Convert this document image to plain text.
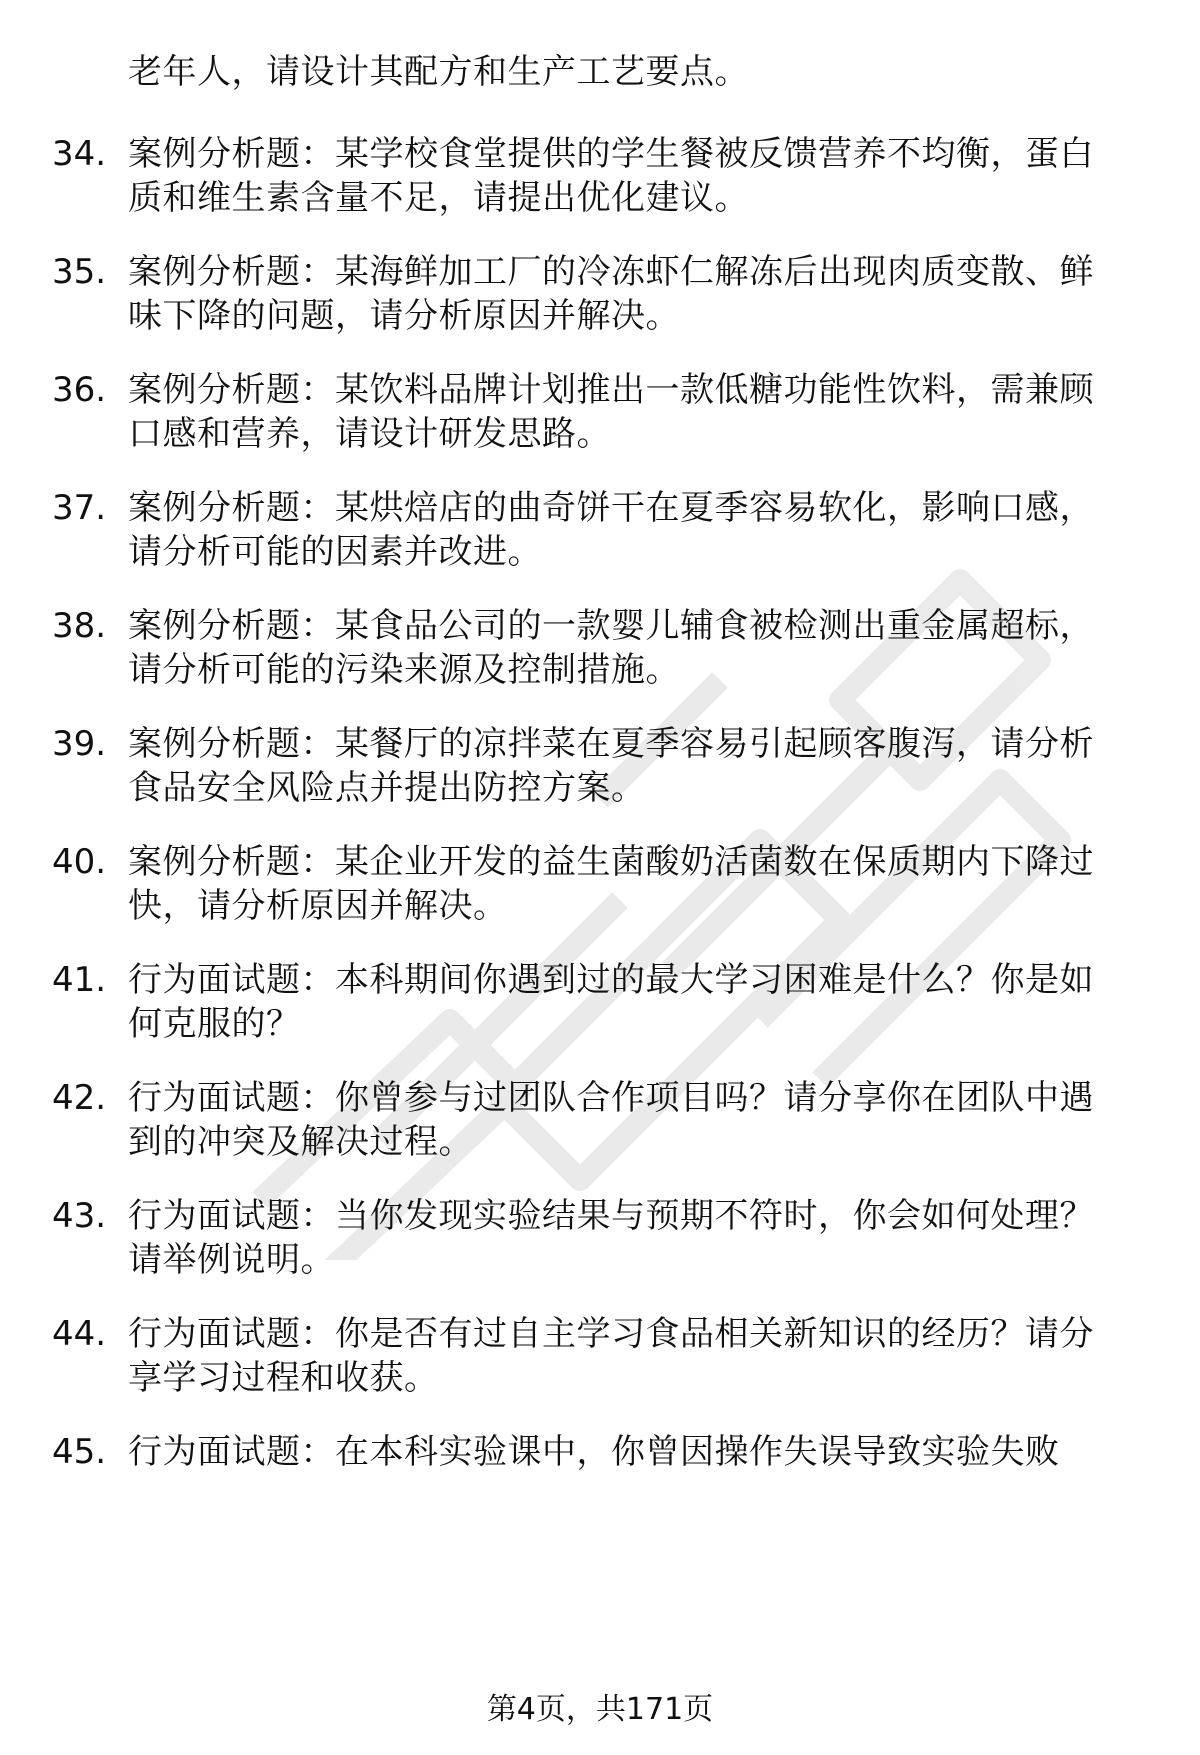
老年人，请设计其配方和生产工艺要点。
34. 案例分析题：某学校食堂提供的学生餐被反馈营养不均衡，蛋白
质和维生素含量不足，请提出优化建议。
35. 案例分析题：某海鲜加工厂的冷冻虾仁解冻后出现肉质变散、鲜
味下降的问题，请分析原因并解决。
36. 案例分析题：某饮料品牌计划推出一款低糖功能性饮料，需兼顾
口感和营养，请设计研发思路。
37. 案例分析题：某烘焙店的曲奇饼干在夏季容易软化，影响口感，
请分析可能的因素并改进。
38. 案例分析题：某食品公司的一款婴儿辅食被检测出重金属超标，
请分析可能的污染来源及控制措施。
39. 案例分析题：某餐厅的凉拌菜在夏季容易引起顾客腹泻，请分析
食品安全风险点并提出防控方案。
40. 案例分析题：某企业开发的益生菌酸奶活菌数在保质期内下降过
快，请分析原因并解决。
41. 行为面试题：本科期间你遇到过的最大学习困难是什么？你是如
何克服的？
42. 行为面试题：你曾参与过团队合作项目吗？请分享你在团队中遇
到的冲突及解决过程。
43. 行为面试题：当你发现实验结果与预期不符时，你会如何处理？
请举例说明。
44. 行为面试题：你是否有过自主学习食品相关新知识的经历？请分
享学习过程和收获。
45. 行为面试题：在本科实验课中，你曾因操作失误导致实验失败
第4页，共171页
